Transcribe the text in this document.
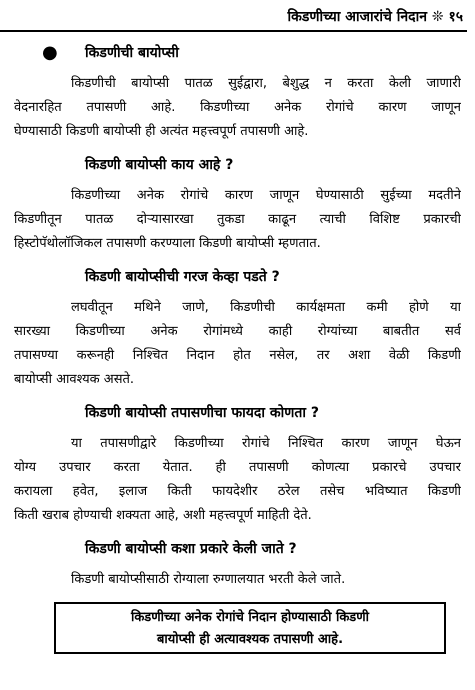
किडणीच्या आजारांचे निदान ❊ १५
● किडणीची बायोप्सी
किडणीची बायोप्सी पातळ सुईद्वारा, बेशुद्ध न करता केली जाणारी
वेदनारहित तपासणी आहे. किडणीच्या अनेक रोगांचे कारण जाणून
घेण्यासाठी किडणी बायोप्सी ही अत्यंत महत्त्वपूर्ण तपासणी आहे.
किडणी बायोप्सी काय आहे ?
किडणीच्या अनेक रोगांचे कारण जाणून घेण्यासाठी सुईच्या मदतीने
किडणीतून पातळ दोऱ्यासारखा तुकडा काढून त्याची विशिष्ट प्रकारची
हिस्टोपॅथोलॉजिकल तपासणी करण्याला किडणी बायोप्सी म्हणतात.
किडणी बायोप्सीची गरज केव्हा पडते ?
लघवीतून मथिने जाणे, किडणीची कार्यक्षमता कमी होणे या
सारख्या किडणीच्या अनेक रोगांमध्ये काही रोग्यांच्या बाबतीत सर्व
तपासण्या करूनही निश्चित निदान होत नसेल, तर अशा वेळी किडणी
बायोप्सी आवश्यक असते.
किडणी बायोप्सी तपासणीचा फायदा कोणता ?
या तपासणीद्वारे किडणीच्या रोगांचे निश्चित कारण जाणून घेऊन
योग्य उपचार करता येतात. ही तपासणी कोणत्या प्रकारचे उपचार
करायला हवेत, इलाज किती फायदेशीर ठरेल तसेच भविष्यात किडणी
किती खराब होण्याची शक्यता आहे, अशी महत्त्वपूर्ण माहिती देते.
किडणी बायोप्सी कशा प्रकारे केली जाते ?
किडणी बायोप्सीसाठी रोग्याला रुग्णालयात भरती केले जाते.
किडणीच्या अनेक रोगांचे निदान होण्यासाठी किडणी
बायोप्सी ही अत्यावश्यक तपासणी आहे.
